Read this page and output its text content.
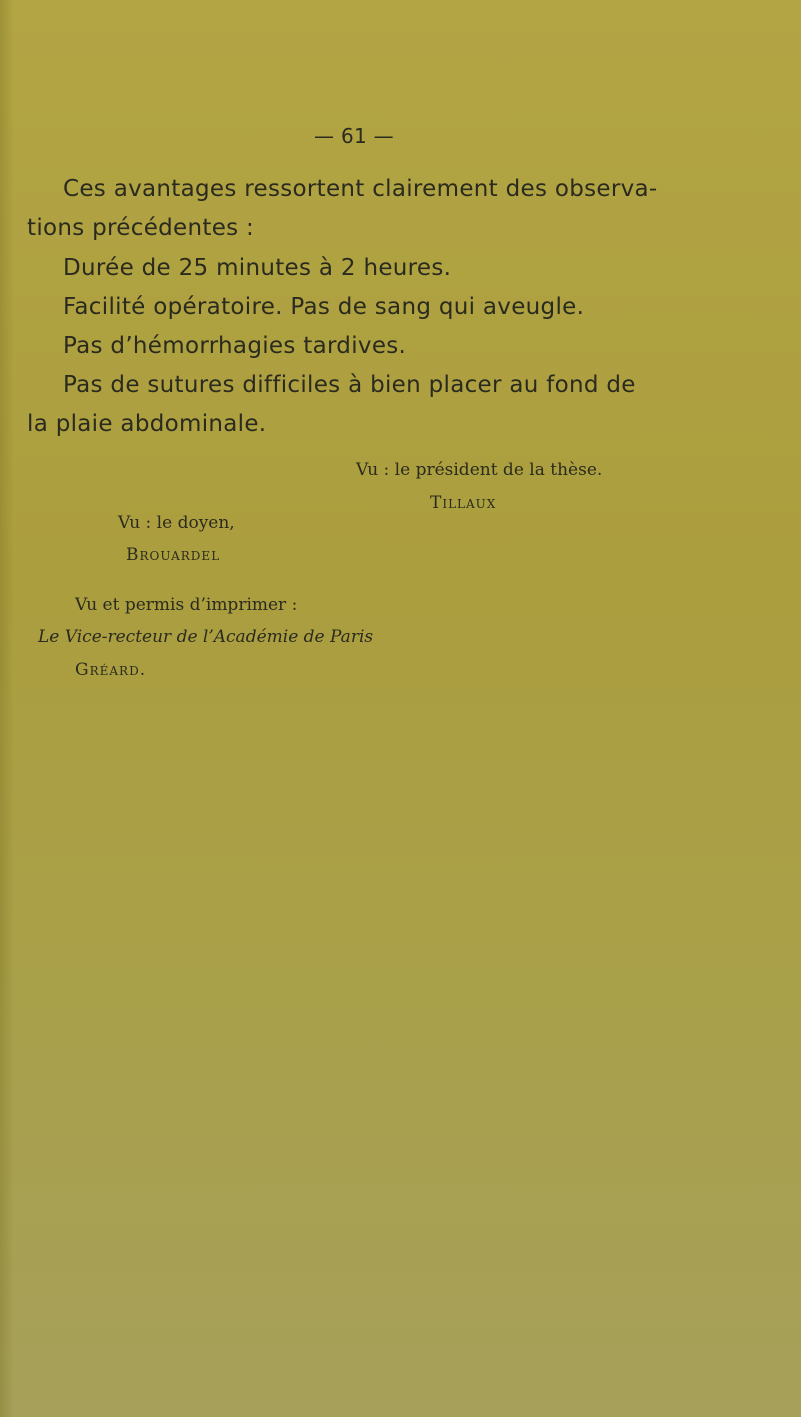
— 61 —
Ces avantages ressortent clairement des observa-
tions précédentes :
Durée de 25 minutes à 2 heures.
Facilité opératoire. Pas de sang qui aveugle.
Pas d’hémorrhagies tardives.
Pas de sutures difficiles à bien placer au fond de
la plaie abdominale.
Vu : le président de la thèse.
Tillaux
Vu : le doyen,
Brouardel
Vu et permis d’imprimer :
Le Vice-recteur de l’Académie de Paris
Gréard.
